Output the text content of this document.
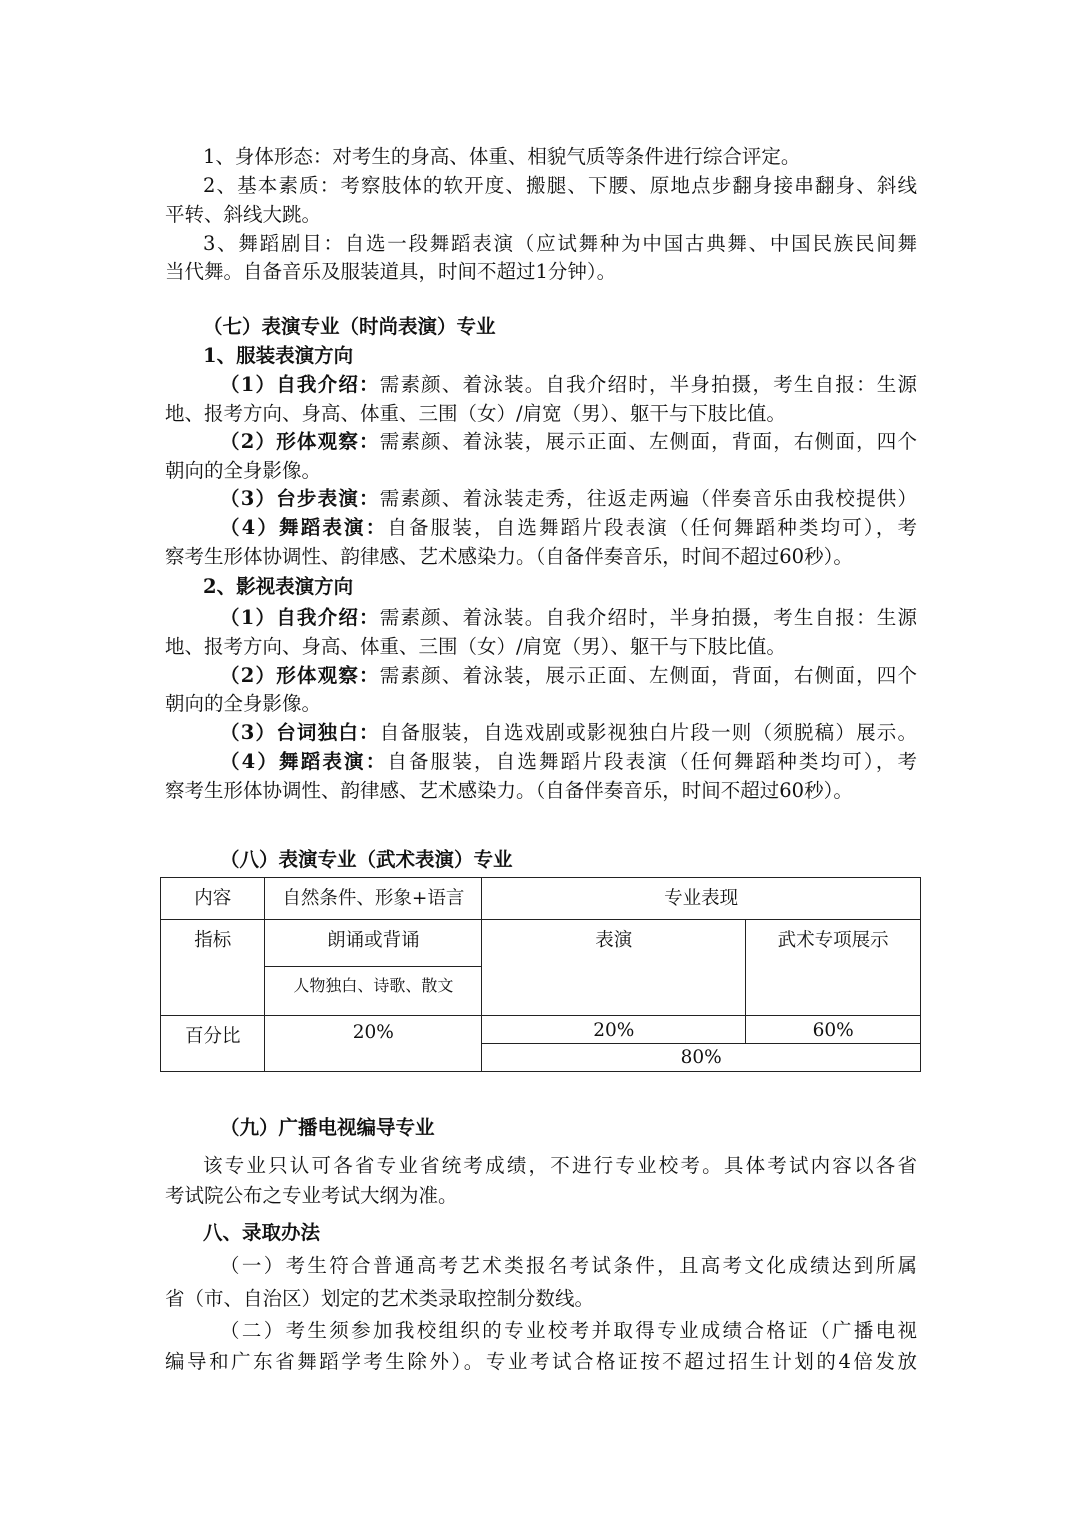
1、身体形态：对考生的身高、体重、相貌气质等条件进行综合评定。
2、基本素质：考察肢体的软开度、搬腿、下腰、原地点步翻身接串翻身、斜线
平转、斜线大跳。
3、舞蹈剧目：自选一段舞蹈表演（应试舞种为中国古典舞、中国民族民间舞
当代舞。自备音乐及服装道具，时间不超过1分钟）。
（七）表演专业（时尚表演）专业
1、服装表演方向
（1）自我介绍：需素颜、着泳装。自我介绍时，半身拍摄，考生自报：生源
地、报考方向、身高、体重、三围（女）/肩宽（男）、躯干与下肢比值。
（2）形体观察：需素颜、着泳装，展示正面、左侧面，背面，右侧面，四个
朝向的全身影像。
（3）台步表演：需素颜、着泳装走秀，往返走两遍（伴奏音乐由我校提供）
（4）舞蹈表演：自备服装，自选舞蹈片段表演（任何舞蹈种类均可），考
察考生形体协调性、韵律感、艺术感染力。（自备伴奏音乐，时间不超过60秒）。
2、影视表演方向
（1）自我介绍：需素颜、着泳装。自我介绍时，半身拍摄，考生自报：生源
地、报考方向、身高、体重、三围（女）/肩宽（男）、躯干与下肢比值。
（2）形体观察：需素颜、着泳装，展示正面、左侧面，背面，右侧面，四个
朝向的全身影像。
（3）台词独白：自备服装，自选戏剧或影视独白片段一则（须脱稿）展示。
（4）舞蹈表演：自备服装，自选舞蹈片段表演（任何舞蹈种类均可），考
察考生形体协调性、韵律感、艺术感染力。（自备伴奏音乐，时间不超过60秒）。
（八）表演专业（武术表演）专业
内容	自然条件、形象+语言	专业表现	
指标	朗诵或背诵	表演	武术专项展示
	人物独白、诗歌、散文		
百分比	20%	20%	60%
		80%	
（九）广播电视编导专业
该专业只认可各省专业省统考成绩，不进行专业校考。具体考试内容以各省
考试院公布之专业考试大纲为准。
八、录取办法
（一）考生符合普通高考艺术类报名考试条件，且高考文化成绩达到所属
省（市、自治区）划定的艺术类录取控制分数线。
（二）考生须参加我校组织的专业校考并取得专业成绩合格证（广播电视
编导和广东省舞蹈学考生除外）。专业考试合格证按不超过招生计划的4倍发放
